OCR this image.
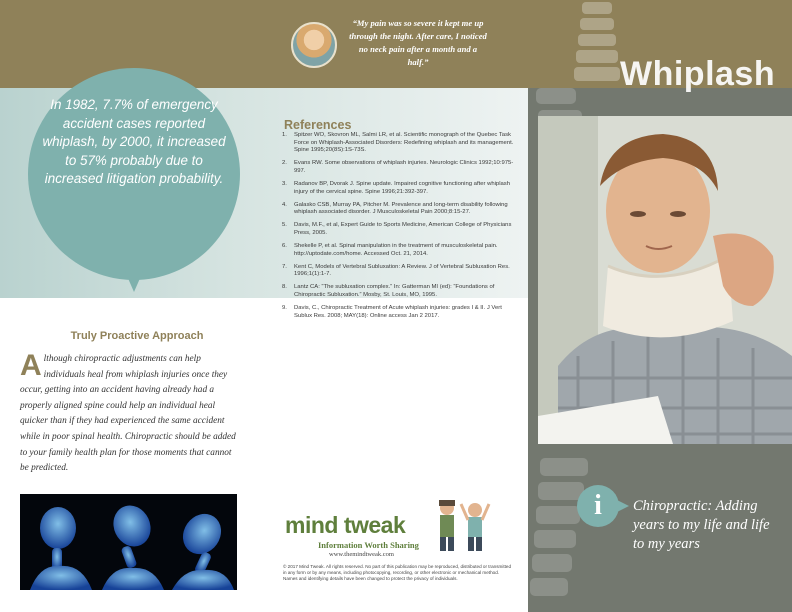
“My pain was so severe it kept me up through the night. After care, I noticed no neck pain after a month and a half.”	Whiplash
i	Chiropractic: Adding years to my life and life to my years
In 1982, 7.7% of emergency accident cases reported whiplash, by 2000, it increased to 57% probably due to increased litigation probability.
Truly Proactive Approach
Although chiropractic adjustments can help individuals heal from whiplash injuries once they occur, getting into an accident having already had a properly aligned spine could help an individual heal quicker than if they had experienced the same accident while in poor spinal health. Chiropractic should be added to your family health plan for those moments that cannot be predicted.
References
1. Spitzer WO, Skovron ML, Salmi LR, et al. Scientific monograph of the Quebec Task Force on Whiplash-Associated Disorders: Redefining whiplash and its management. Spine 1995;20(8S):1S-73S.
2. Evans RW. Some observations of whiplash injuries. Neurologic Clinics 1992;10:975-997.
3. Radanov BP, Dvorak J. Spine update. Impaired cognitive functioning after whiplash injury of the cervical spine. Spine 1996;21:392-397.
4. Galasko CSB, Murray PA, Pitcher M. Prevalence and long-term disability following whiplash associated disorder. J Musculoskeletal Pain 2000;8:15-27.
5. Davis, M.F., et al, Expert Guide to Sports Medicine, American College of Physicians Press, 2005.
6. Shekelle P, et al. Spinal manipulation in the treatment of musculoskeletal pain. http://uptodate.com/home. Accessed Oct. 21, 2014.
7. Kent C, Models of Vertebral Subluxation: A Review. J of Vertebral Subluxation Res. 1996;1(1):1-7.
8. Lantz CA: “The subluxation complex.” In: Gatterman MI (ed): “Foundations of Chiropractic Subluxation.” Mosby, St. Louis, MO, 1995.
9. Davis, C., Chiropractic Treatment of Acute whiplash injuries: grades I & II. J Vert Sublux Res. 2008; MAY(18): Online access Jan 2 2017.
mind tweak
Information Worth Sharing
www.themindtweak.com
© 2017 Mind Tweak. All rights reserved. No part of this publication may be reproduced, distributed or transmitted in any form or by any means, including photocopying, recording, or other electronic or mechanical method. Names and identifying details have been changed to protect the privacy of individuals.
